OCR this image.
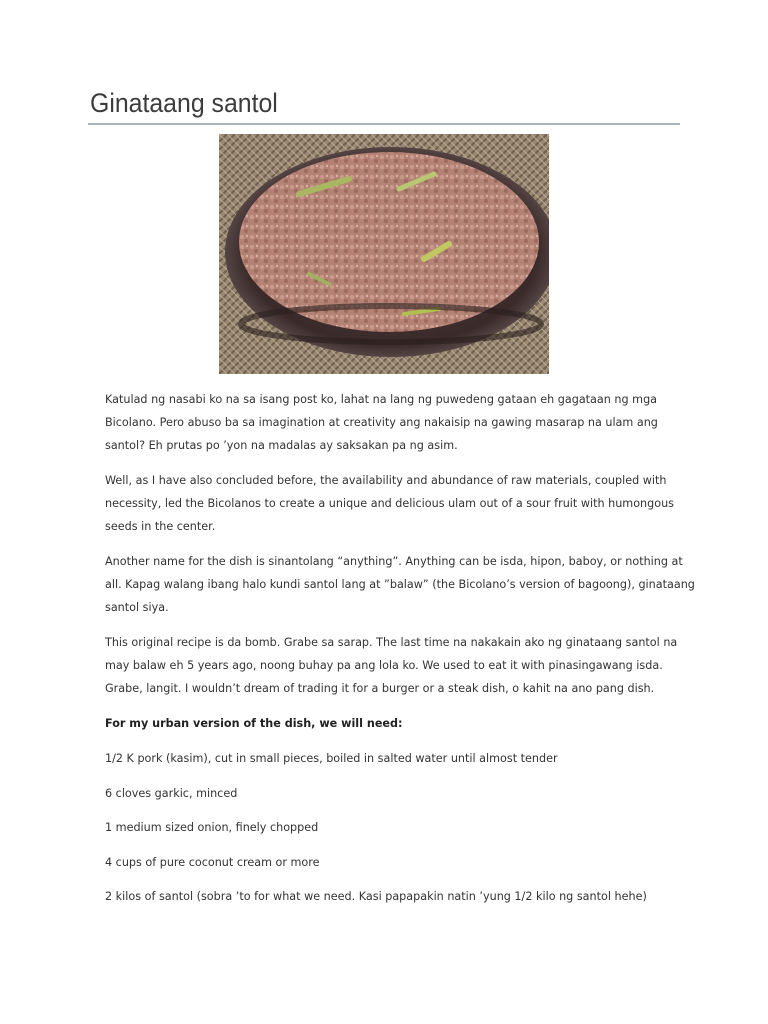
Ginataang santol

Katulad ng nasabi ko na sa isang post ko, lahat na lang ng puwedeng gataan eh gagataan ng mga Bicolano. Pero abuso ba sa imagination at creativity ang nakaisip na gawing masarap na ulam ang santol? Eh prutas po ’yon na madalas ay saksakan pa ng asim.

Well, as I have also concluded before, the availability and abundance of raw materials, coupled with necessity, led the Bicolanos to create a unique and delicious ulam out of a sour fruit with humongous seeds in the center.

Another name for the dish is sinantolang “anything”. Anything can be isda, hipon, baboy, or nothing at all. Kapag walang ibang halo kundi santol lang at ”balaw” (the Bicolano’s version of bagoong), ginataang santol siya.

This original recipe is da bomb. Grabe sa sarap. The last time na nakakain ako ng ginataang santol na may balaw eh 5 years ago, noong buhay pa ang lola ko. We used to eat it with pinasingawang isda. Grabe, langit. I wouldn’t dream of trading it for a burger or a steak dish, o kahit na ano pang dish.

For my urban version of the dish, we will need:

1/2 K pork (kasim), cut in small pieces, boiled in salted water until almost tender

6 cloves garkic, minced

1 medium sized onion, finely chopped

4 cups of pure coconut cream or more

2 kilos of santol (sobra ’to for what we need. Kasi papapakin natin ’yung 1/2 kilo ng santol hehe)
